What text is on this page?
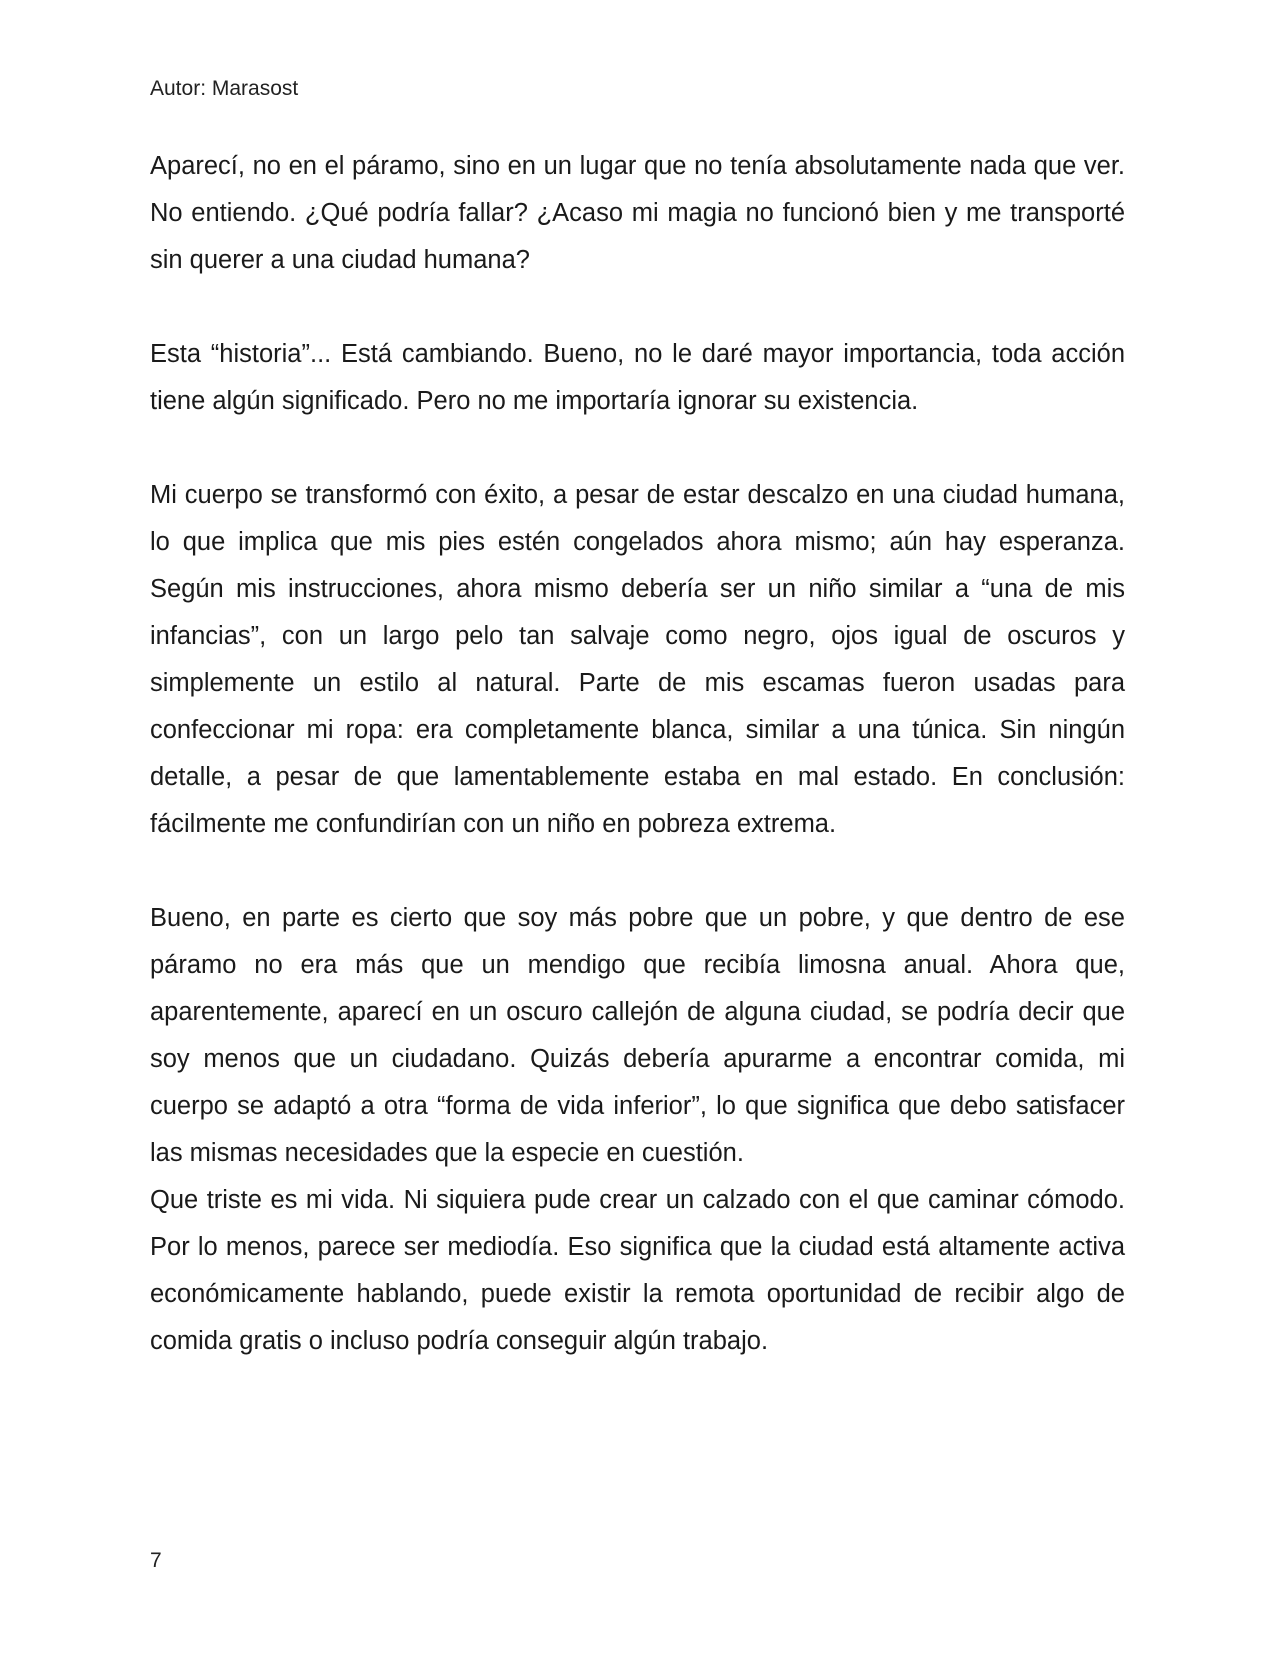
Autor: Marasost

Aparecí, no en el páramo, sino en un lugar que no tenía absolutamente nada que ver. No entiendo. ¿Qué podría fallar? ¿Acaso mi magia no funcionó bien y me transporté sin querer a una ciudad humana?

Esta “historia”... Está cambiando. Bueno, no le daré mayor importancia, toda acción tiene algún significado. Pero no me importaría ignorar su existencia.

Mi cuerpo se transformó con éxito, a pesar de estar descalzo en una ciudad humana, lo que implica que mis pies estén congelados ahora mismo; aún hay esperanza. Según mis instrucciones, ahora mismo debería ser un niño similar a “una de mis infancias”, con un largo pelo tan salvaje como negro, ojos igual de oscuros y simplemente un estilo al natural. Parte de mis escamas fueron usadas para confeccionar mi ropa: era completamente blanca, similar a una túnica. Sin ningún detalle, a pesar de que lamentablemente estaba en mal estado. En conclusión: fácilmente me confundirían con un niño en pobreza extrema.

Bueno, en parte es cierto que soy más pobre que un pobre, y que dentro de ese páramo no era más que un mendigo que recibía limosna anual. Ahora que, aparentemente, aparecí en un oscuro callejón de alguna ciudad, se podría decir que soy menos que un ciudadano. Quizás debería apurarme a encontrar comida, mi cuerpo se adaptó a otra “forma de vida inferior”, lo que significa que debo satisfacer las mismas necesidades que la especie en cuestión.

Que triste es mi vida. Ni siquiera pude crear un calzado con el que caminar cómodo. Por lo menos, parece ser mediodía. Eso significa que la ciudad está altamente activa económicamente hablando, puede existir la remota oportunidad de recibir algo de comida gratis o incluso podría conseguir algún trabajo.

7
